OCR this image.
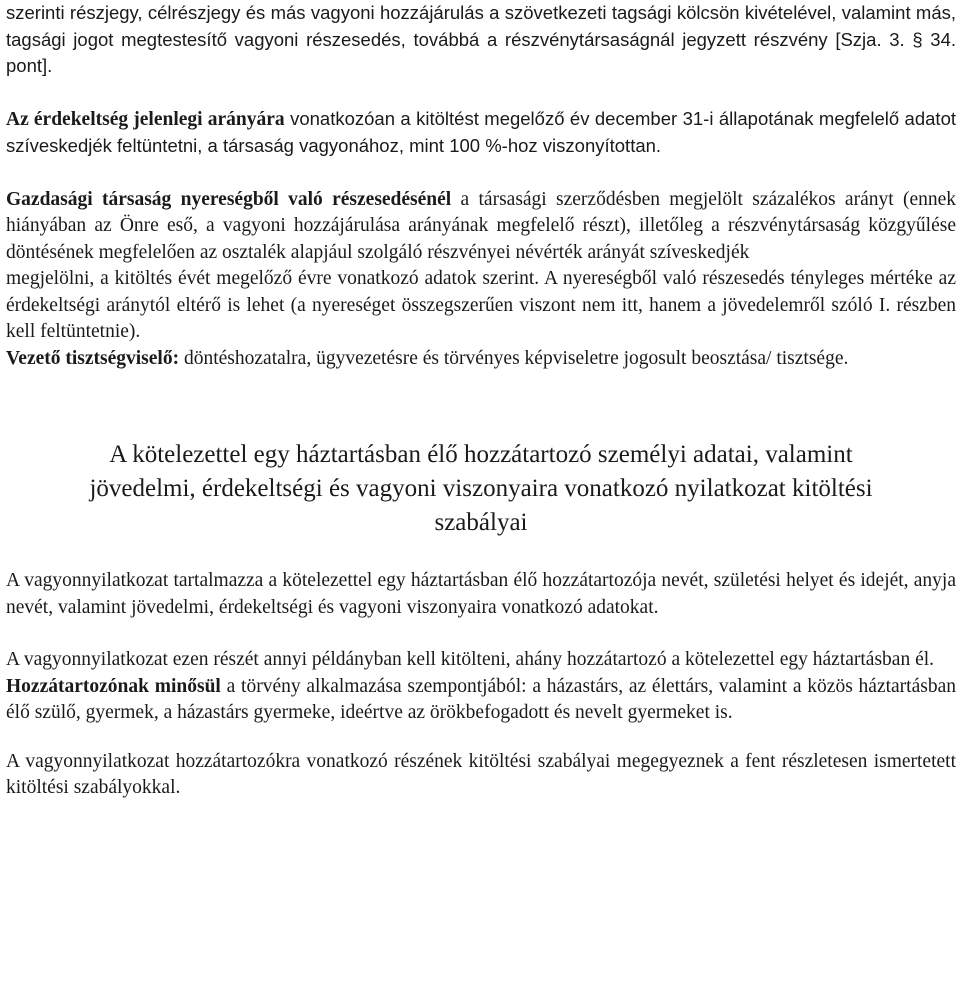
szerinti részjegy, célrészjegy és más vagyoni hozzájárulás a szövetkezeti tagsági kölcsön kivételével, valamint más, tagsági jogot megtestesítő vagyoni részesedés, továbbá a részvénytársaságnál jegyzett részvény [Szja. 3. § 34. pont].

Az érdekeltség jelenlegi arányára vonatkozóan a kitöltést megelőző év december 31-i állapotának megfelelő adatot szíveskedjék feltüntetni, a társaság vagyonához, mint 100 %-hoz viszonyítottan.

Gazdasági társaság nyereségből való részesedésénél a társasági szerződésben megjelölt százalékos arányt (ennek hiányában az Önre eső, a vagyoni hozzájárulása arányának megfelelő részt), illetőleg a részvénytársaság közgyűlése döntésének megfelelően az osztalék alapjául szolgáló részvényei névérték arányát szíveskedjék

megjelölni, a kitöltés évét megelőző évre vonatkozó adatok szerint. A nyereségből való részesedés tényleges mértéke az érdekeltségi aránytól eltérő is lehet (a nyereséget összegszerűen viszont nem itt, hanem a jövedelemről szóló I. részben kell feltüntetnie).

Vezető tisztségviselő: döntéshozatalra, ügyvezetésre és törvényes képviseletre jogosult beosztása/ tisztsége.

A kötelezettel egy háztartásban élő hozzátartozó személyi adatai, valamint
jövedelmi, érdekeltségi és vagyoni viszonyaira vonatkozó nyilatkozat kitöltési
szabályai

A vagyonnyilatkozat tartalmazza a kötelezettel egy háztartásban élő hozzátartozója nevét, születési helyet és idejét, anyja nevét, valamint jövedelmi, érdekeltségi és vagyoni viszonyaira vonatkozó adatokat.

A vagyonnyilatkozat ezen részét annyi példányban kell kitölteni, ahány hozzátartozó a kötelezettel egy háztartásban él.

Hozzátartozónak minősül a törvény alkalmazása szempontjából: a házastárs, az élettárs, valamint a közös háztartásban élő szülő, gyermek, a házastárs gyermeke, ideértve az örökbefogadott és nevelt gyermeket is.

A vagyonnyilatkozat hozzátartozókra vonatkozó részének kitöltési szabályai megegyeznek a fent részletesen ismertetett kitöltési szabályokkal.
